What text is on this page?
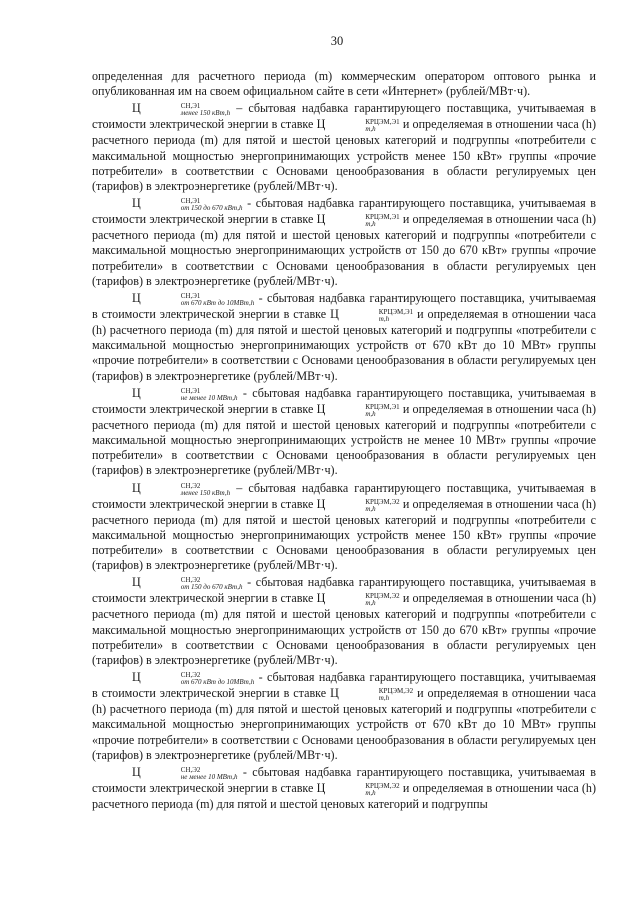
30

определенная для расчетного периода (m) коммерческим оператором оптового рынка и опубликованная им на своем официальном сайте в сети «Интернет» (рублей/МВт·ч).

Ц	СН,Э1
менее 150 кВт,h – сбытовая надбавка гарантирующего поставщика, учитываемая в стоимости электрической энергии в ставке Ц	КРЦЭМ,Э1
m,h	и определяемая в отношении часа (h) расчетного периода (m) для пятой и шестой ценовых категорий и подгруппы «потребители с максимальной мощностью энергопринимающих устройств менее 150 кВт» группы «прочие потребители» в соответствии с Основами ценообразования в области регулируемых цен (тарифов) в электроэнергетике (рублей/МВт·ч).

Ц	СН,Э1
от 150 до 670 кВт,h - сбытовая надбавка гарантирующего поставщика, учитываемая в стоимости электрической энергии в ставке Ц	КРЦЭМ,Э1
m,h	и определяемая в отношении часа (h) расчетного периода (m) для пятой и шестой ценовых категорий и подгруппы «потребители с максимальной мощностью энергопринимающих устройств от 150 до 670 кВт» группы «прочие потребители» в соответствии с Основами ценообразования в области регулируемых цен (тарифов) в электроэнергетике (рублей/МВт·ч).

Ц	СН,Э1
от 670 кВт до 10МВт,h - сбытовая надбавка гарантирующего поставщика, учитываемая в стоимости электрической энергии в ставке Ц	КРЦЭМ,Э1
m,h	и определяемая в отношении часа (h) расчетного периода (m) для пятой и шестой ценовых категорий и подгруппы «потребители с максимальной мощностью энергопринимающих устройств от 670 кВт до 10 МВт» группы «прочие потребители» в соответствии с Основами ценообразования в области регулируемых цен (тарифов) в электроэнергетике (рублей/МВт·ч).

Ц	СН,Э1
не менее 10 МВт,h - сбытовая надбавка гарантирующего поставщика, учитываемая в стоимости электрической энергии в ставке Ц	КРЦЭМ,Э1
m,h	и определяемая в отношении часа (h) расчетного периода (m) для пятой и шестой ценовых категорий и подгруппы «потребители с максимальной мощностью энергопринимающих устройств не менее 10 МВт» группы «прочие потребители» в соответствии с Основами ценообразования в области регулируемых цен (тарифов) в электроэнергетике (рублей/МВт·ч).

Ц	СН,Э2
менее 150 кВт,h – сбытовая надбавка гарантирующего поставщика, учитываемая в стоимости электрической энергии в ставке Ц	КРЦЭМ,Э2
m,h	и определяемая в отношении часа (h) расчетного периода (m) для пятой и шестой ценовых категорий и подгруппы «потребители с максимальной мощностью энергопринимающих устройств менее 150 кВт» группы «прочие потребители» в соответствии с Основами ценообразования в области регулируемых цен (тарифов) в электроэнергетике (рублей/МВт·ч).

Ц	СН,Э2
от 150 до 670 кВт,h - сбытовая надбавка гарантирующего поставщика, учитываемая в стоимости электрической энергии в ставке Ц	КРЦЭМ,Э2
m,h	и определяемая в отношении часа (h) расчетного периода (m) для пятой и шестой ценовых категорий и подгруппы «потребители с максимальной мощностью энергопринимающих устройств от 150 до 670 кВт» группы «прочие потребители» в соответствии с Основами ценообразования в области регулируемых цен (тарифов) в электроэнергетике (рублей/МВт·ч).

Ц	СН,Э2
от 670 кВт до 10МВт,h - сбытовая надбавка гарантирующего поставщика, учитываемая в стоимости электрической энергии в ставке Ц	КРЦЭМ,Э2
m,h	и определяемая в отношении часа (h) расчетного периода (m) для пятой и шестой ценовых категорий и подгруппы «потребители с максимальной мощностью энергопринимающих устройств от 670 кВт до 10 МВт» группы «прочие потребители» в соответствии с Основами ценообразования в области регулируемых цен (тарифов) в электроэнергетике (рублей/МВт·ч).

Ц	СН,Э2
не менее 10 МВт,h - сбытовая надбавка гарантирующего поставщика, учитываемая в стоимости электрической энергии в ставке Ц	КРЦЭМ,Э2
m,h	и определяемая в отношении часа (h) расчетного периода (m) для пятой и шестой ценовых категорий и подгруппы
